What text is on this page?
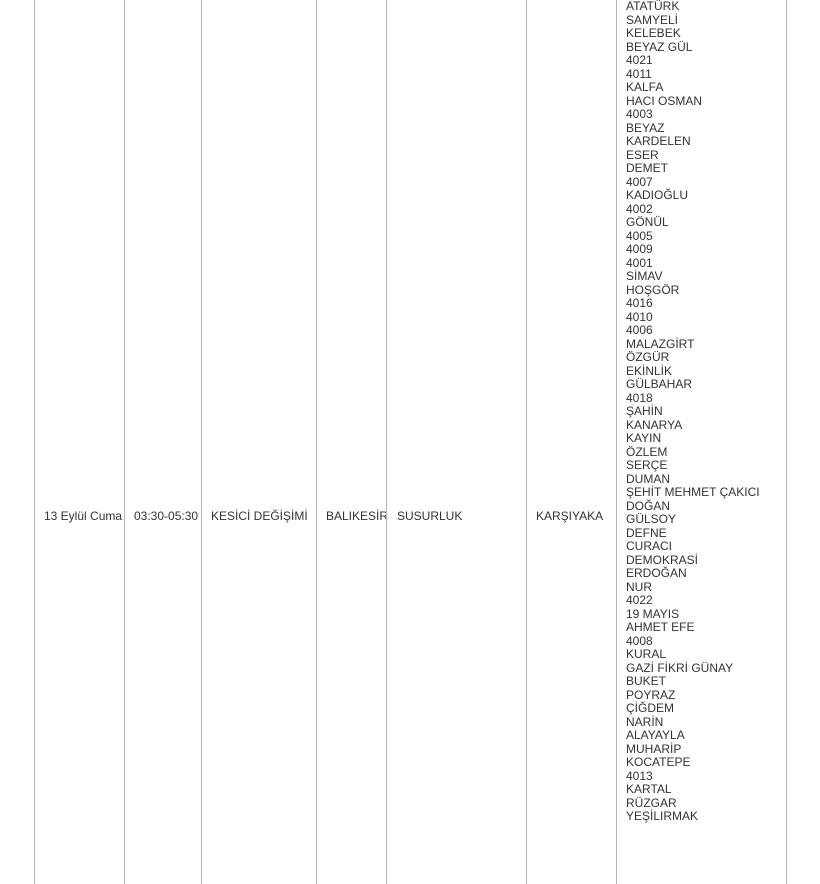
13 Eylül Cuma 03:30-05:30 KESİCİ DEĞİŞİMİ BALIKESİR SUSURLUK	KARŞIYAKA
ATATÜRK
SAMYELİ
KELEBEK
BEYAZ GÜL
4021
4011
KALFA
HACI OSMAN
4003
BEYAZ
KARDELEN
ESER
DEMET
4007
KADIOĞLU
4002
GÖNÜL
4005
4009
4001
SİMAV
HOŞGÖR
4016
4010
4006
MALAZGİRT
ÖZGÜR
EKİNLİK
GÜLBAHAR
4018
ŞAHİN
KANARYA
KAYIN
ÖZLEM
SERÇE
DUMAN
ŞEHİT MEHMET ÇAKICI
DOĞAN
GÜLSOY
DEFNE
CURACI
DEMOKRASİ
ERDOĞAN
NUR
4022
19 MAYIS
AHMET EFE
4008
KURAL
GAZİ FİKRİ GÜNAY
BUKET
POYRAZ
ÇİĞDEM
NARİN
ALAYAYLA
MUHARİP
KOCATEPE
4013
KARTAL
RÜZGAR
YEŞİLIRMAK
